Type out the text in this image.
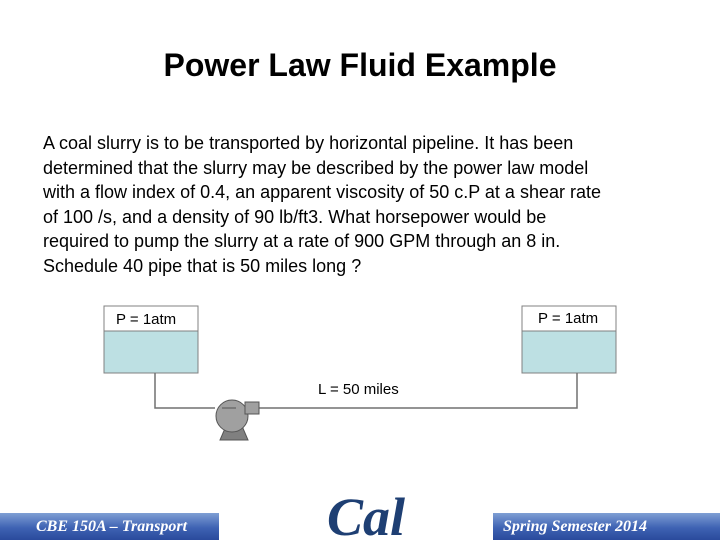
Power Law Fluid Example
A coal slurry is to be transported by horizontal pipeline. It has been
determined that the slurry may be described by the power law model
with a flow index of 0.4, an apparent viscosity of 50 c.P at a shear rate
of 100 /s, and a density of 90 lb/ft3. What horsepower would be
required to pump the slurry at a rate of 900 GPM through an 8 in.
Schedule 40 pipe that is 50 miles long ?
P = 1atm	P = 1atm
L = 50 miles
CBE 150A – Transport	Spring Semester 2014
Cal
